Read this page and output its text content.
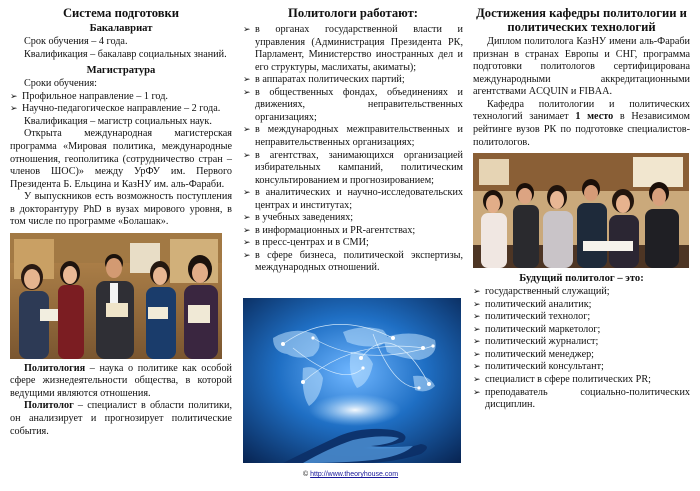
Система подготовки
Бакалавриат

Срок обучения – 4 года.

Квалификация – бакалавр социальных знаний.

Магистратура

Сроки обучения:

➢ Профильное направление – 1 год.
➢ Научно-педагогическое направление – 2 года.

Квалификация – магистр социальных наук.

Открыта международная магистерская программа «Мировая политика, международные отношения, геополитика (сотрудничество стран – членов ШОС)» между УрФУ им. Первого Президента Б. Ельцина и КазНУ им. аль-Фараби.

У выпускников есть возможность поступления в докторантуру PhD в вузах мирового уровня, в том числе по программе «Болашак».

Политология – наука о политике как особой сфере жизнедеятельности общества, в которой ведущими являются отношения.

Политолог – специалист в области политики, он анализирует и прогнозирует политические события.

Политологи работают:
➢ в органах государственной власти и управления (Администрация Президента РК, Парламент, Министерство иностранных дел и его структуры, маслихаты, акиматы);
➢ в аппаратах политических партий;
➢ в общественных фондах, объединениях и движениях, неправительственных организациях;
➢ в международных межправительственных и неправительственных организациях;
➢ в агентствах, занимающихся организацией избирательных кампаний, политическим консультированием и прогнозированием;
➢ в аналитических и научно-исследовательских центрах и институтах;
➢ в учебных заведениях;
➢ в информационных и PR-агентствах;
➢ в пресс-центрах и в СМИ;
➢ в сфере бизнеса, политической экспертизы, международных отношений.
© http://www.theoryhouse.com
Достижения кафедры политологии и политических технологий

Диплом политолога КазНУ имени аль-Фараби признан в странах Европы и СНГ, программа подготовки политологов сертифицирована международными аккредитационными агентствами ACQUIN и FIBAA.

Кафедра политологии и политических технологий занимает 1 место в Независимом рейтинге вузов РК по подготовке специалистов-политологов.

Будущий политолог – это:
➢ государственный служащий;
➢ политический аналитик;
➢ политический технолог;
➢ политический маркетолог;
➢ политический журналист;
➢ политический менеджер;
➢ политический консультант;
➢ специалист в сфере политических PR;
➢ преподаватель социально-политических дисциплин.
